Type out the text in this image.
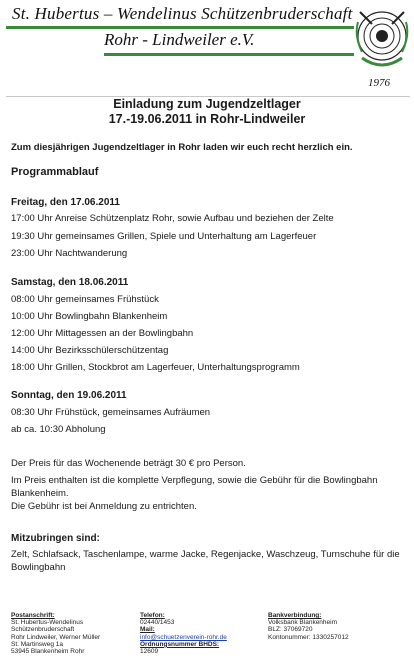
St. Hubertus – Wendelinus Schützenbruderschaft
Rohr - Lindweiler e.V.
1976
Einladung zum Jugendzeltlager
17.-19.06.2011 in Rohr-Lindweiler
Zum diesjährigen Jugendzeltlager in Rohr laden wir euch recht herzlich ein.
Programmablauf
Freitag, den 17.06.2011
17:00 Uhr Anreise Schützenplatz Rohr, sowie Aufbau und beziehen der Zelte
19:30 Uhr gemeinsames Grillen, Spiele und Unterhaltung am Lagerfeuer
23:00 Uhr Nachtwanderung
Samstag, den 18.06.2011
08:00 Uhr gemeinsames Frühstück
10:00 Uhr Bowlingbahn Blankenheim
12:00 Uhr Mittagessen an der Bowlingbahn
14:00 Uhr Bezirksschülerschützentag
18:00 Uhr Grillen, Stockbrot am Lagerfeuer, Unterhaltungsprogramm
Sonntag, den 19.06.2011
08:30 Uhr Frühstück, gemeinsames Aufräumen
ab ca. 10:30 Abholung
Der Preis für das Wochenende beträgt 30 € pro Person.
Im Preis enthalten ist die komplette Verpflegung, sowie die Gebühr für die Bowlingbahn Blankenheim.
Die Gebühr ist bei Anmeldung zu entrichten.
Mitzubringen sind:
Zelt, Schlafsack, Taschenlampe, warme Jacke, Regenjacke, Waschzeug, Turnschuhe für die Bowlingbahn
Postanschrift:
St. Hubertus-Wendelinus
Schützenbruderschaft
Rohr Lindweiler, Werner Müller
St. Martinsweg 1a
53945 Blankenheim Rohr
Telefon:
02440/1453
Mail:
info@schuetzenverein-rohr.de
Ordnungsnummer BHDS:
12609
Bankverbindung:
Volksbank Blankenheim
BLZ: 37069720
Kontonummer: 1330257012
